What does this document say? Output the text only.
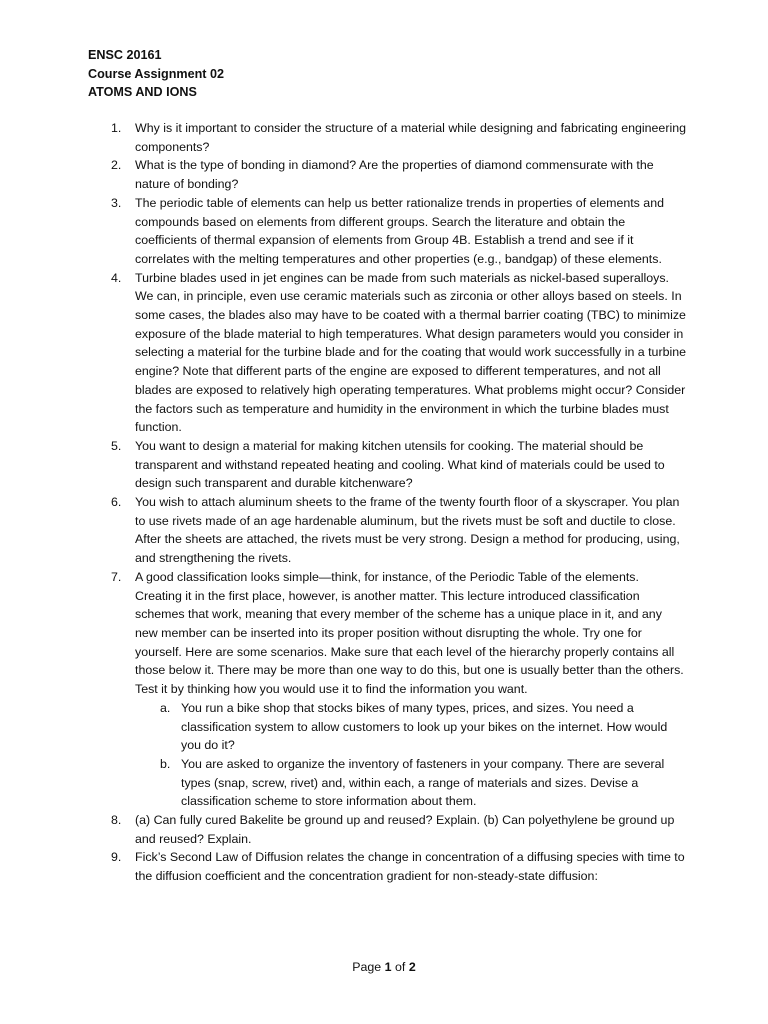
ENSC 20161
Course Assignment 02
ATOMS AND IONS
1. Why is it important to consider the structure of a material while designing and fabricating engineering components?
2. What is the type of bonding in diamond? Are the properties of diamond commensurate with the nature of bonding?
3. The periodic table of elements can help us better rationalize trends in properties of elements and compounds based on elements from different groups. Search the literature and obtain the coefficients of thermal expansion of elements from Group 4B. Establish a trend and see if it correlates with the melting temperatures and other properties (e.g., bandgap) of these elements.
4. Turbine blades used in jet engines can be made from such materials as nickel-based superalloys. We can, in principle, even use ceramic materials such as zirconia or other alloys based on steels. In some cases, the blades also may have to be coated with a thermal barrier coating (TBC) to minimize exposure of the blade material to high temperatures. What design parameters would you consider in selecting a material for the turbine blade and for the coating that would work successfully in a turbine engine? Note that different parts of the engine are exposed to different temperatures, and not all blades are exposed to relatively high operating temperatures. What problems might occur? Consider the factors such as temperature and humidity in the environment in which the turbine blades must function.
5. You want to design a material for making kitchen utensils for cooking. The material should be transparent and withstand repeated heating and cooling. What kind of materials could be used to design such transparent and durable kitchenware?
6. You wish to attach aluminum sheets to the frame of the twenty fourth floor of a skyscraper. You plan to use rivets made of an age hardenable aluminum, but the rivets must be soft and ductile to close. After the sheets are attached, the rivets must be very strong. Design a method for producing, using, and strengthening the rivets.
7. A good classification looks simple—think, for instance, of the Periodic Table of the elements. Creating it in the first place, however, is another matter. This lecture introduced classification schemes that work, meaning that every member of the scheme has a unique place in it, and any new member can be inserted into its proper position without disrupting the whole. Try one for yourself. Here are some scenarios. Make sure that each level of the hierarchy properly contains all those below it. There may be more than one way to do this, but one is usually better than the others. Test it by thinking how you would use it to find the information you want.
a. You run a bike shop that stocks bikes of many types, prices, and sizes. You need a classification system to allow customers to look up your bikes on the internet. How would you do it?
b. You are asked to organize the inventory of fasteners in your company. There are several types (snap, screw, rivet) and, within each, a range of materials and sizes. Devise a classification scheme to store information about them.
8. (a) Can fully cured Bakelite be ground up and reused? Explain. (b) Can polyethylene be ground up and reused? Explain.
9. Fick’s Second Law of Diffusion relates the change in concentration of a diffusing species with time to the diffusion coefficient and the concentration gradient for non-steady-state diffusion:
Page 1 of 2
